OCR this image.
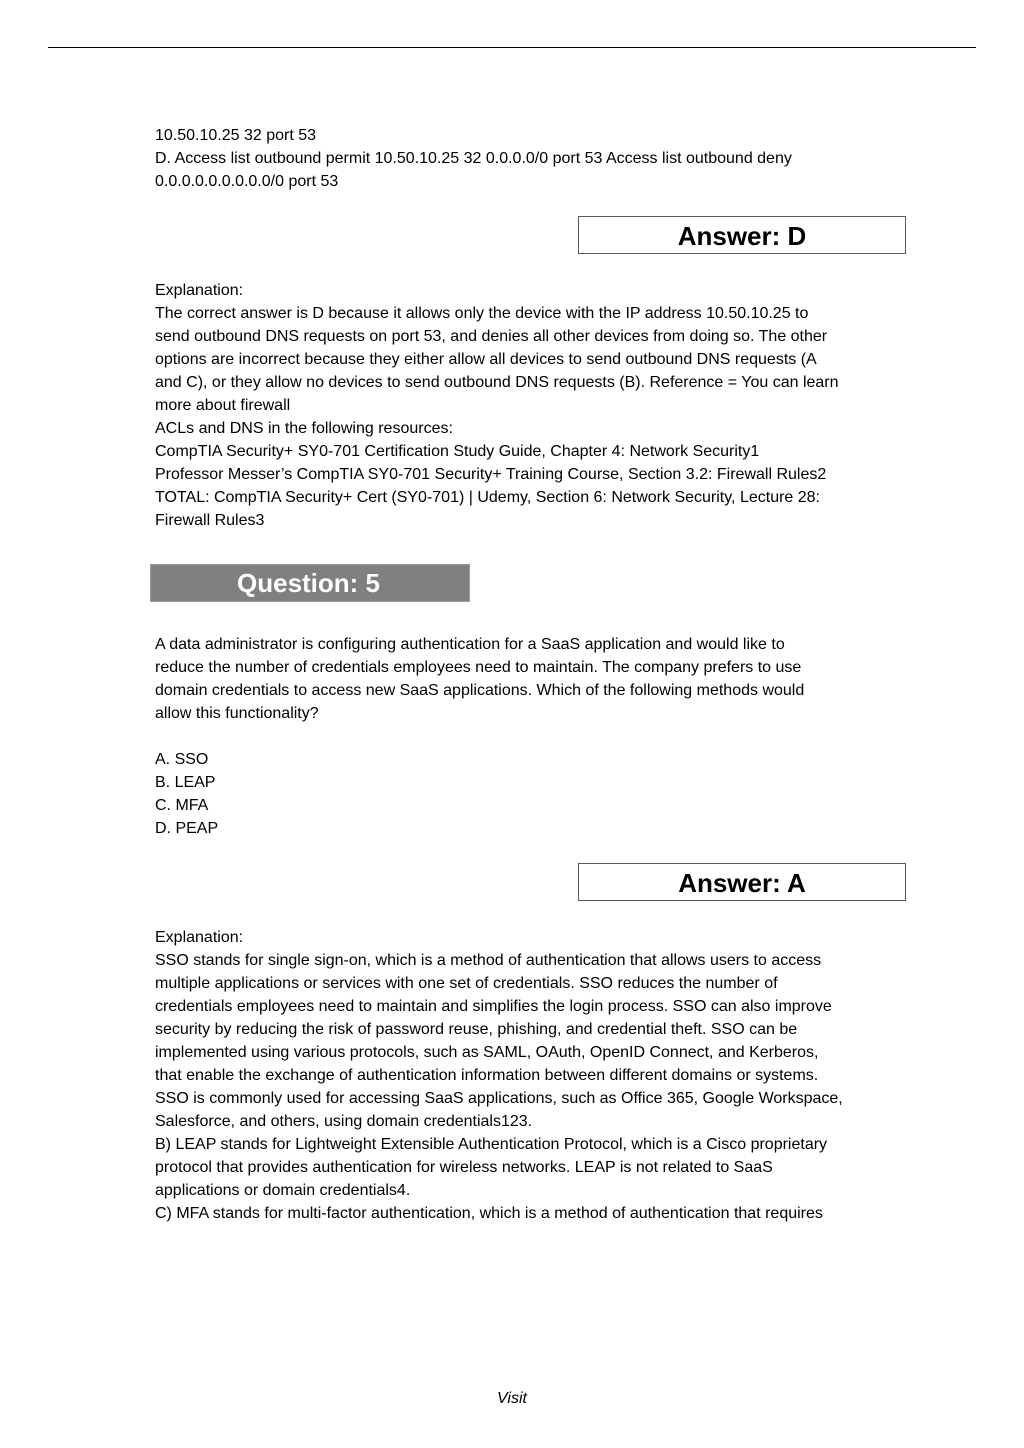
10.50.10.25 32 port 53
D. Access list outbound permit 10.50.10.25 32 0.0.0.0/0 port 53 Access list outbound deny
0.0.0.0.0.0.0.0.0/0 port 53
Answer: D
Explanation:
The correct answer is D because it allows only the device with the IP address 10.50.10.25 to
send outbound DNS requests on port 53, and denies all other devices from doing so. The other
options are incorrect because they either allow all devices to send outbound DNS requests (A
and C), or they allow no devices to send outbound DNS requests (B). Reference = You can learn
more about firewall
ACLs and DNS in the following resources:
CompTIA Security+ SY0-701 Certification Study Guide, Chapter 4: Network Security1
Professor Messer’s CompTIA SY0-701 Security+ Training Course, Section 3.2: Firewall Rules2
TOTAL: CompTIA Security+ Cert (SY0-701) | Udemy, Section 6: Network Security, Lecture 28:
Firewall Rules3
Question: 5
A data administrator is configuring authentication for a SaaS application and would like to
reduce the number of credentials employees need to maintain. The company prefers to use
domain credentials to access new SaaS applications. Which of the following methods would
allow this functionality?
A. SSO
B. LEAP
C. MFA
D. PEAP
Answer: A
Explanation:
SSO stands for single sign-on, which is a method of authentication that allows users to access
multiple applications or services with one set of credentials. SSO reduces the number of
credentials employees need to maintain and simplifies the login process. SSO can also improve
security by reducing the risk of password reuse, phishing, and credential theft. SSO can be
implemented using various protocols, such as SAML, OAuth, OpenID Connect, and Kerberos,
that enable the exchange of authentication information between different domains or systems.
SSO is commonly used for accessing SaaS applications, such as Office 365, Google Workspace,
Salesforce, and others, using domain credentials123.
B) LEAP stands for Lightweight Extensible Authentication Protocol, which is a Cisco proprietary
protocol that provides authentication for wireless networks. LEAP is not related to SaaS
applications or domain credentials4.
C) MFA stands for multi-factor authentication, which is a method of authentication that requires
Visit
